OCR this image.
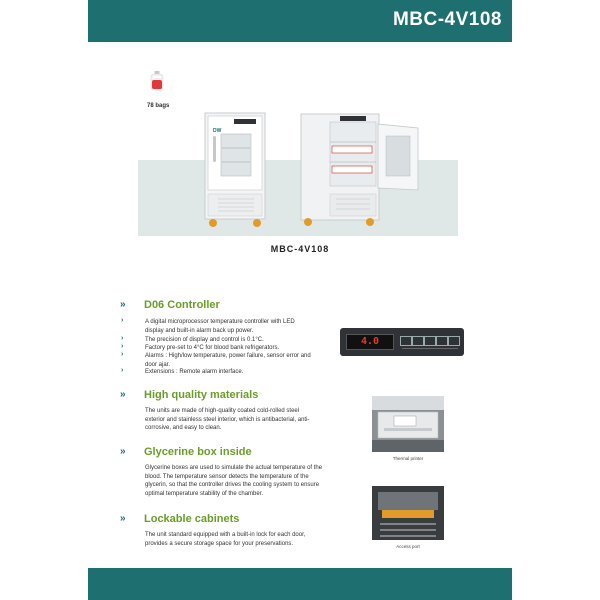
MBC-4V108
78 bags
DW
MBC-4V108
» D06 Controller
›	A digital microprocessor temperature controller with LED display and built-in alarm back up power.
›	The precision of display and control is 0.1°C.
›	Factory pre-set to 4°C for blood bank refrigerators.
›	Alarms : High/low temperature, power failure, sensor error and door ajar.
›	Extensions : Remote alarm interface.
4.0
» High quality materials
The units are made of high-quality coated cold-rolled steel exterior and stainless steel interior, which is antibacterial, anti-corrosive, and easy to clean.
Thermal printer
» Glycerine box inside
Glycerine boxes are used to simulate the actual temperature of the blood. The temperature sensor detects the temperature of the glycerin, so that the controller drives the cooling system to ensure optimal temperature stability of the chamber.
Access port
» Lockable cabinets
The unit standard equipped with a built-in lock for each door, provides a secure storage space for your preservations.
